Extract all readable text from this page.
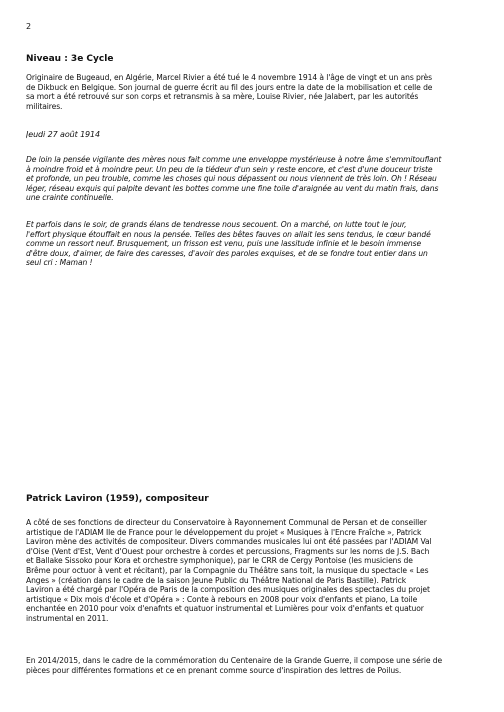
2
Niveau : 3e Cycle
Originaire de Bugeaud, en Algérie, Marcel Rivier a été tué le 4 novembre 1914 à l'âge de vingt et un ans près
de Dikbuck en Belgique. Son journal de guerre écrit au fil des jours entre la date de la mobilisation et celle de
sa mort a été retrouvé sur son corps et retransmis à sa mère, Louise Rivier, née Jalabert, par les autorités
militaires.
Jeudi 27 août 1914
De loin la pensée vigilante des mères nous fait comme une enveloppe mystérieuse à notre âme s'emmitouflant
à moindre froid et à moindre peur. Un peu de la tiédeur d'un sein y reste encore, et c'est d'une douceur triste
et profonde, un peu trouble, comme les choses qui nous dépassent ou nous viennent de très loin. Oh ! Réseau
léger, réseau exquis qui palpite devant les bottes comme une fine toile d'araignée au vent du matin frais, dans
une crainte continuelle.
Et parfois dans le soir, de grands élans de tendresse nous secouent. On a marché, on lutte tout le jour,
l'effort physique étouffait en nous la pensée. Telles des bêtes fauves on allait les sens tendus, le cœur bandé
comme un ressort neuf. Brusquement, un frisson est venu, puis une lassitude infinie et le besoin immense
d'être doux, d'aimer, de faire des caresses, d'avoir des paroles exquises, et de se fondre tout entier dans un
seul cri : Maman !
Patrick Laviron (1959), compositeur
A côté de ses fonctions de directeur du Conservatoire à Rayonnement Communal de Persan et de conseiller
artistique de l'ADIAM Ile de France pour le développement du projet « Musiques à l'Encre Fraîche », Patrick
Laviron mène des activités de compositeur. Divers commandes musicales lui ont été passées par l'ADIAM Val
d'Oise (Vent d'Est, Vent d'Ouest pour orchestre à cordes et percussions, Fragments sur les noms de J.S. Bach
et Ballake Sissoko pour Kora et orchestre symphonique), par le CRR de Cergy Pontoise (les musiciens de
Brême pour octuor à vent et récitant), par la Compagnie du Théâtre sans toit, la musique du spectacle « Les
Anges » (création dans le cadre de la saison Jeune Public du Théâtre National de Paris Bastille). Patrick
Laviron a été chargé par l'Opéra de Paris de la composition des musiques originales des spectacles du projet
artistique « Dix mois d'école et d'Opéra » : Conte à rebours en 2008 pour voix d'enfants et piano, La toile
enchantée en 2010 pour voix d'enafnts et quatuor instrumental et Lumières pour voix d'enfants et quatuor
instrumental en 2011.
En 2014/2015, dans le cadre de la commémoration du Centenaire de la Grande Guerre, il compose une série de
pièces pour différentes formations et ce en prenant comme source d'inspiration des lettres de Poilus.
